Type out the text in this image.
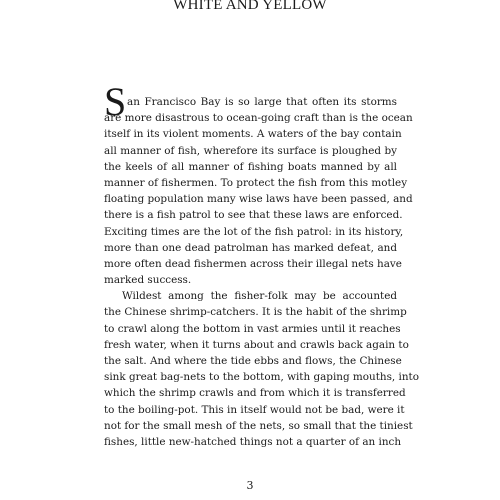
WHITE AND YELLOW
S an Francisco Bay is so large that often its storms
are more disastrous to ocean-going craft than is the ocean
itself in its violent moments. A waters of the bay contain
all manner of fish, wherefore its surface is ploughed by
the keels of all manner of fishing boats manned by all
manner of fishermen. To protect the fish from this motley
floating population many wise laws have been passed, and
there is a fish patrol to see that these laws are enforced.
Exciting times are the lot of the fish patrol: in its history,
more than one dead patrolman has marked defeat, and
more often dead fishermen across their illegal nets have
marked success.
Wildest among the fisher-folk may be accounted
the Chinese shrimp-catchers. It is the habit of the shrimp
to crawl along the bottom in vast armies until it reaches
fresh water, when it turns about and crawls back again to
the salt. And where the tide ebbs and flows, the Chinese
sink great bag-nets to the bottom, with gaping mouths, into
which the shrimp crawls and from which it is transferred
to the boiling-pot. This in itself would not be bad, were it
not for the small mesh of the nets, so small that the tiniest
fishes, little new-hatched things not a quarter of an inch
3
